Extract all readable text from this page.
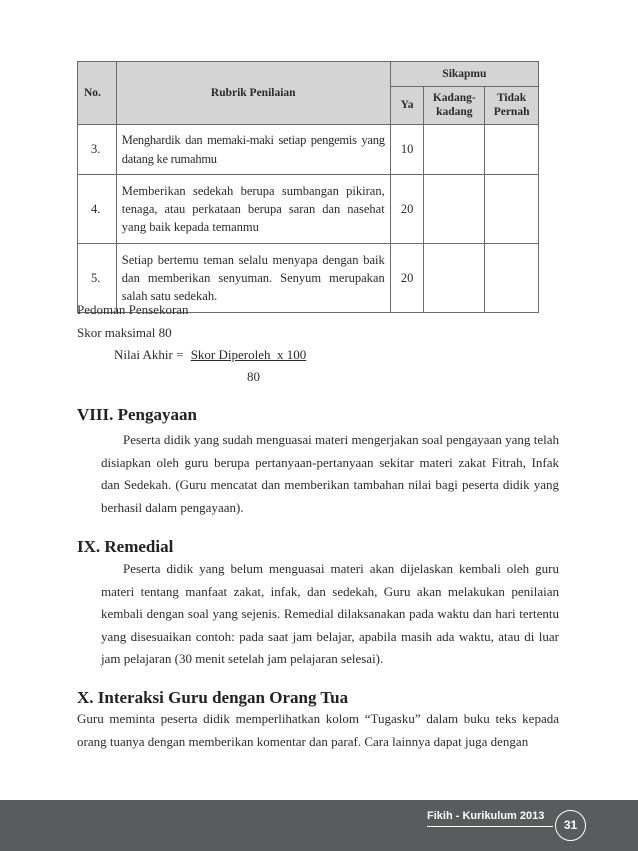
No.	Rubrik Penilaian	Sikapmu		
		Ya	Kadang-kadang	Tidak Pernah
3.	Menghardik dan memaki-maki setiap pengemis yang datang ke rumahmu	10		
4.	Memberikan sedekah berupa sumbangan pikiran, tenaga, atau perkataan berupa saran dan nasehat yang baik kepada temanmu	20		
5.	Setiap bertemu teman selalu menyapa dengan baik dan memberikan senyuman. Senyum merupakan salah satu sedekah.	20		
Pedoman Pensekoran
Skor maksimal 80
Nilai Akhir = Skor Diperoleh  x 100
80
VIII. Pengayaan
Peserta didik yang sudah menguasai materi mengerjakan soal pengayaan yang telah disiapkan oleh guru berupa pertanyaan-pertanyaan sekitar materi zakat Fitrah, Infak dan Sedekah. (Guru mencatat dan memberikan tambahan nilai bagi peserta didik yang berhasil dalam pengayaan).
IX. Remedial
Peserta didik yang belum menguasai materi akan dijelaskan kembali oleh guru materi tentang manfaat zakat, infak, dan sedekah, Guru akan melakukan penilaian kembali dengan soal yang sejenis. Remedial dilaksanakan pada waktu dan hari tertentu yang disesuaikan contoh: pada saat jam belajar, apabila masih ada waktu, atau di luar jam pelajaran (30 menit setelah jam pelajaran selesai).
X. Interaksi Guru dengan Orang Tua
Guru meminta peserta didik memperlihatkan kolom “Tugasku” dalam buku teks kepada orang tuanya dengan memberikan komentar dan paraf. Cara lainnya dapat juga dengan
Fikih - Kurikulum 2013
31
